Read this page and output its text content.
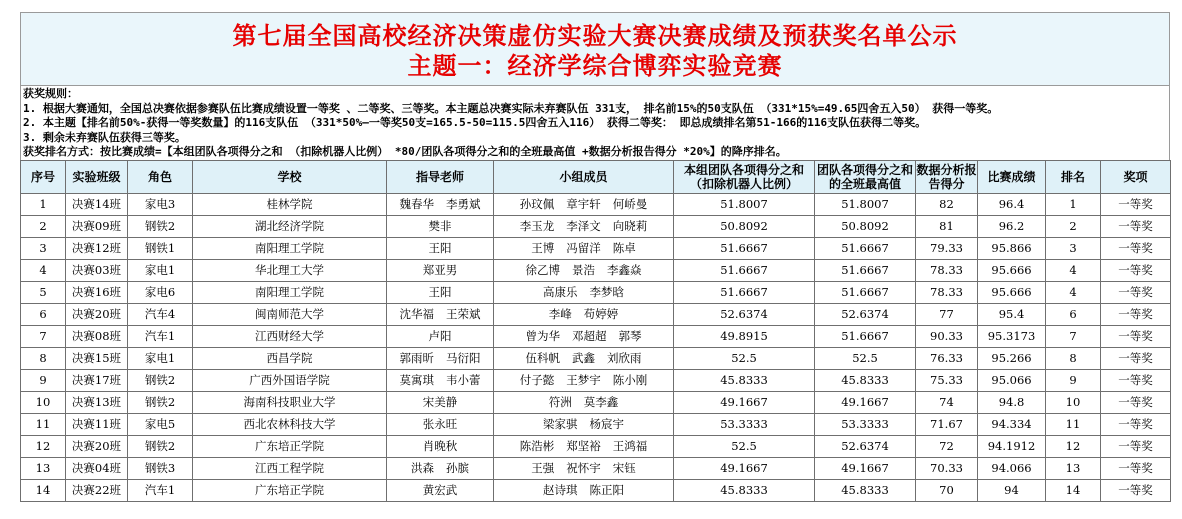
第七届全国高校经济决策虚仿实验大赛决赛成绩及预获奖名单公示
主题一：经济学综合博弈实验竞赛
获奖规则：
1. 根据大赛通知，全国总决赛依据参赛队伍比赛成绩设置一等奖 、二等奖、三等奖。本主题总决赛实际未弃赛队伍 331支， 排名前15%的50支队伍 （331*15%=49.65四舍五入50） 获得一等奖。
2. 本主题【排名前50%-获得一等奖数量】的116支队伍 （331*50%—一等奖50支=165.5-50=115.5四舍五入116） 获得二等奖： 即总成绩排名第51-166的116支队伍获得二等奖。
3. 剩余未弃赛队伍获得三等奖。
获奖排名方式：按比赛成绩=【本组团队各项得分之和 （扣除机器人比例） *80/团队各项得分之和的全班最高值 +数据分析报告得分 *20%】的降序排名。
序号	实验班级	角色	学校	指导老师	小组成员	本组团队各项得分之和（扣除机器人比例）	团队各项得分之和的全班最高值	数据分析报告得分	比赛成绩	排名	奖项
1	决赛14班	家电3	桂林学院	魏春华 李勇斌	孙玟佩 章宇轩 何峤曼	51.8007	51.8007	82	96.4	1	一等奖
2	决赛09班	钢铁2	湖北经济学院	樊非	李玉龙 李泽文 向晓莉	50.8092	50.8092	81	96.2	2	一等奖
3	决赛12班	钢铁1	南阳理工学院	王阳	王博 冯留洋 陈卓	51.6667	51.6667	79.33	95.866	3	一等奖
4	决赛03班	家电1	华北理工大学	郑亚男	徐乙博 景浩 李鑫焱	51.6667	51.6667	78.33	95.666	4	一等奖
5	决赛16班	家电6	南阳理工学院	王阳	高康乐 李梦晗	51.6667	51.6667	78.33	95.666	4	一等奖
6	决赛20班	汽车4	闽南师范大学	沈华福 王荣斌	李峰 苟婷婷	52.6374	52.6374	77	95.4	6	一等奖
7	决赛08班	汽车1	江西财经大学	卢阳	曾为华 邓超超 郭琴	49.8915	51.6667	90.33	95.3173	7	一等奖
8	决赛15班	家电1	西昌学院	郭雨昕 马衍阳	伍科帆 武鑫 刘欣雨	52.5	52.5	76.33	95.266	8	一等奖
9	决赛17班	钢铁2	广西外国语学院	莫寓琪 韦小蕾	付子懿 王梦宇 陈小刚	45.8333	45.8333	75.33	95.066	9	一等奖
10	决赛13班	钢铁2	海南科技职业大学	宋美静	符洲 莫李鑫	49.1667	49.1667	74	94.8	10	一等奖
11	决赛11班	家电5	西北农林科技大学	张永旺	梁家骐 杨宸宇	53.3333	53.3333	71.67	94.334	11	一等奖
12	决赛20班	钢铁2	广东培正学院	肖晚秋	陈浩彬 郑坚裕 王鸿福	52.5	52.6374	72	94.1912	12	一等奖
13	决赛04班	钢铁3	江西工程学院	洪森 孙膑	王强 祝怀宇 宋钰	49.1667	49.1667	70.33	94.066	13	一等奖
14	决赛22班	汽车1	广东培正学院	黄宏武	赵诗琪 陈正阳	45.8333	45.8333	70	94	14	一等奖
